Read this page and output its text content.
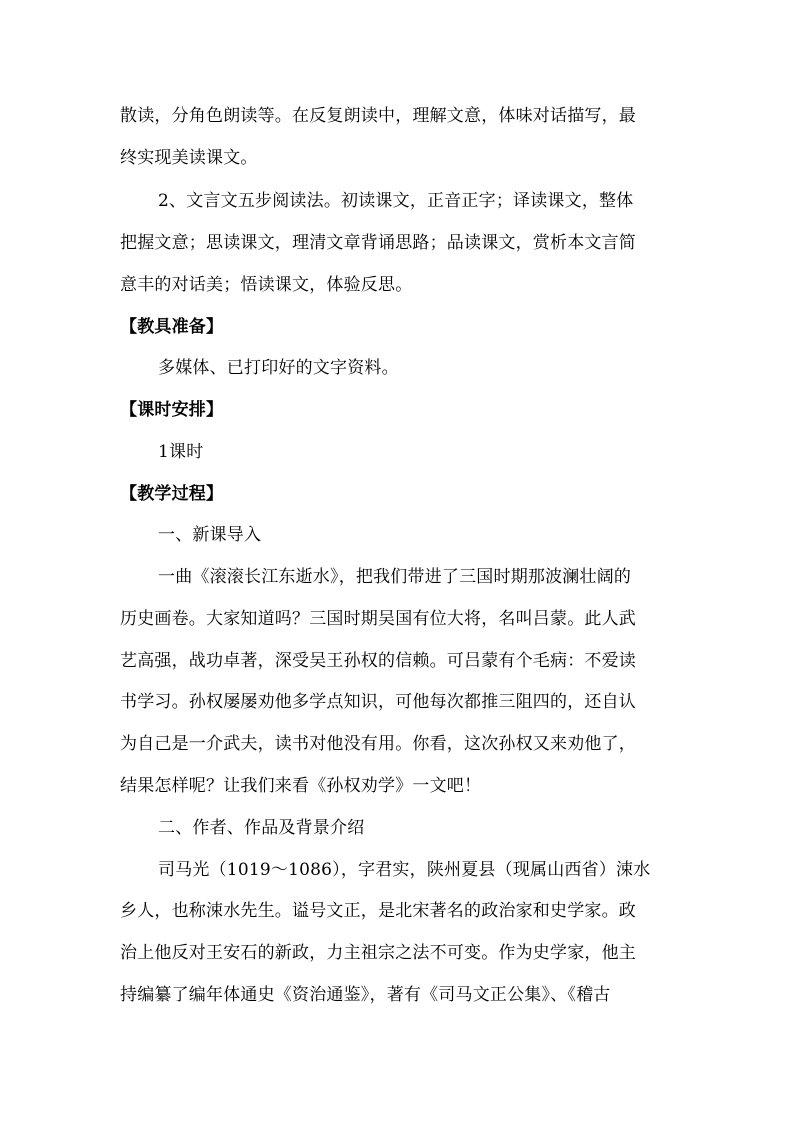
散读，分角色朗读等。在反复朗读中，理解文意，体味对话描写，最
终实现美读课文。
2、文言文五步阅读法。初读课文，正音正字；译读课文，整体
把握文意；思读课文，理清文章背诵思路；品读课文，赏析本文言简
意丰的对话美；悟读课文，体验反思。
【教具准备】
多媒体、已打印好的文字资料。
【课时安排】
1课时
【教学过程】
一、新课导入
一曲《滚滚长江东逝水》，把我们带进了三国时期那波澜壮阔的
历史画卷。大家知道吗？三国时期吴国有位大将，名叫吕蒙。此人武
艺高强，战功卓著，深受吴王孙权的信赖。可吕蒙有个毛病：不爱读
书学习。孙权屡屡劝他多学点知识，可他每次都推三阻四的，还自认
为自己是一介武夫，读书对他没有用。你看，这次孙权又来劝他了，
结果怎样呢？让我们来看《孙权劝学》一文吧！
二、作者、作品及背景介绍
司马光（1019～1086），字君实，陕州夏县（现属山西省）涑水
乡人，也称涑水先生。谥号文正，是北宋著名的政治家和史学家。政
治上他反对王安石的新政，力主祖宗之法不可变。作为史学家，他主
持编纂了编年体通史《资治通鉴》，著有《司马文正公集》、《稽古
